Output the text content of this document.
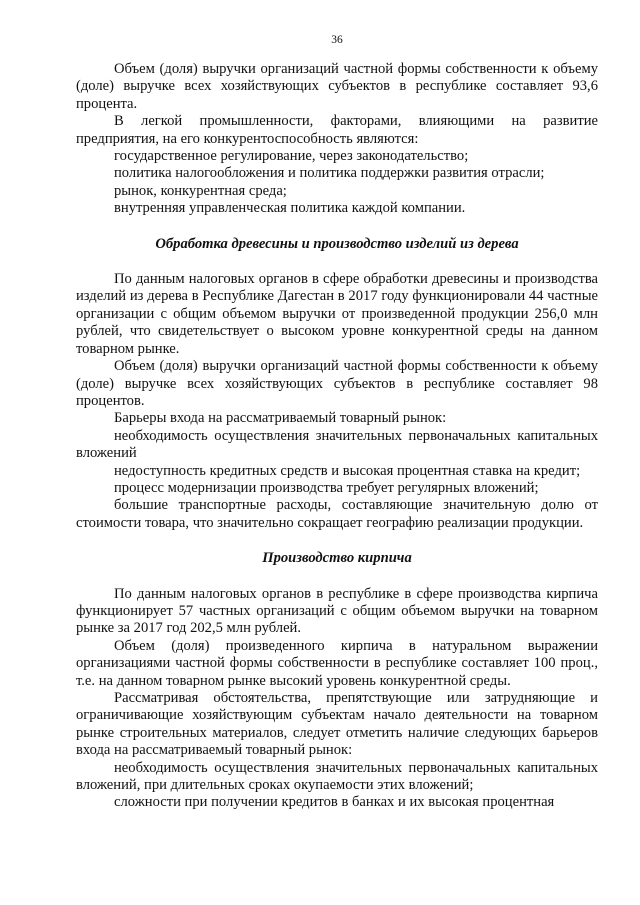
36

Объем (доля) выручки организаций частной формы собственности к объему (доле) выручке всех хозяйствующих субъектов в республике составляет 93,6 процента.

В легкой промышленности, факторами, влияющими на развитие предприятия, на его конкурентоспособность являются:

государственное регулирование, через законодательство;

политика налогообложения и политика поддержки развития отрасли;

рынок, конкурентная среда;

внутренняя управленческая политика каждой компании.

Обработка древесины и производство изделий из дерева

По данным налоговых органов в сфере обработки древесины и производства изделий из дерева в Республике Дагестан в 2017 году функционировали 44 частные организации с общим объемом выручки от произведенной продукции 256,0 млн рублей, что свидетельствует о высоком уровне конкурентной среды на данном товарном рынке.

Объем (доля) выручки организаций частной формы собственности к объему (доле) выручке всех хозяйствующих субъектов в республике составляет 98 процентов.

Барьеры входа на рассматриваемый товарный рынок:

необходимость осуществления значительных первоначальных капитальных вложений

недоступность кредитных средств и высокая процентная ставка на кредит;

процесс модернизации производства требует регулярных вложений;

большие транспортные расходы, составляющие значительную долю от стоимости товара, что значительно сокращает географию реализации продукции.

Производство кирпича

По данным налоговых органов в республике в сфере производства кирпича функционирует 57 частных организаций с общим объемом выручки на товарном рынке за 2017 год 202,5 млн рублей.

Объем (доля) произведенного кирпича в натуральном выражении организациями частной формы собственности в республике составляет 100 проц., т.е. на данном товарном рынке высокий уровень конкурентной среды.

Рассматривая обстоятельства, препятствующие или затрудняющие и ограничивающие хозяйствующим субъектам начало деятельности на товарном рынке строительных материалов, следует отметить наличие следующих барьеров входа на рассматриваемый товарный рынок:

необходимость осуществления значительных первоначальных капитальных вложений, при длительных сроках окупаемости этих вложений;

сложности при получении кредитов в банках и их высокая процентная
